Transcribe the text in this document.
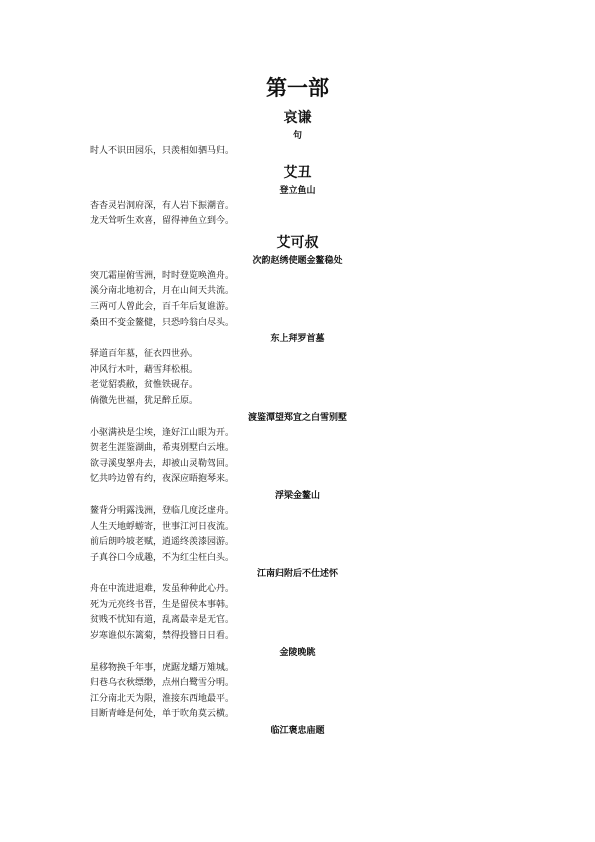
第一部
哀谦
句
时人不识田园乐，只羡相如驷马归。
艾丑
登立鱼山
杳杳灵岩洞府深，有人岩下振潮音。
龙天耸听生欢喜，留得神鱼立到今。
艾可叔
次韵赵绣使题金鳌稳处
突兀霜崖俯雪洲，时时登览唤渔舟。
溪分南北地初合，月在山间天共流。
三两可人曾此会，百千年后复谁游。
桑田不变金鳌健，只恐吟翁白尽头。
东上拜罗首墓
驿道百年墓，征衣四世孙。
冲风行木叶，藉雪拜松根。
老觉貂裘敝，贫惟铁砚存。
倘徼先世福，犹足醉丘原。
渡鉴潭望郑宜之白雪别墅
小驱满袂是尘埃，逢好江山眼为开。
贺老生涯鉴湖曲，希夷别墅白云堆。
欲寻溪叟挐舟去，却被山灵勒驾回。
忆共吟边曾有约，夜深应晤抱琴来。
浮梁金鳌山
鳌背分明露浅洲，登临几度泛虚舟。
人生天地蜉蝣寄，世事江河日夜流。
前后朗吟坡老赋，逍遥终羡漆园游。
子真谷口今成趣，不为红尘枉白头。
江南归附后不仕述怀
舟在中流进退难，发虽种种此心丹。
死为元亮终书晋，生是留侯本事韩。
贫贱不忧知有道，乱离最幸是无官。
岁寒谁似东篱菊，禁得投簪日日看。
金陵晚眺
星移物换千年事，虎踞龙蟠万雉城。
归巷乌衣秋缥缈，点州白鹭雪分明。
江分南北天为限，淮接东西地最平。
目断青峰是何处，单于吹角莫云横。
临江褒忠庙题
